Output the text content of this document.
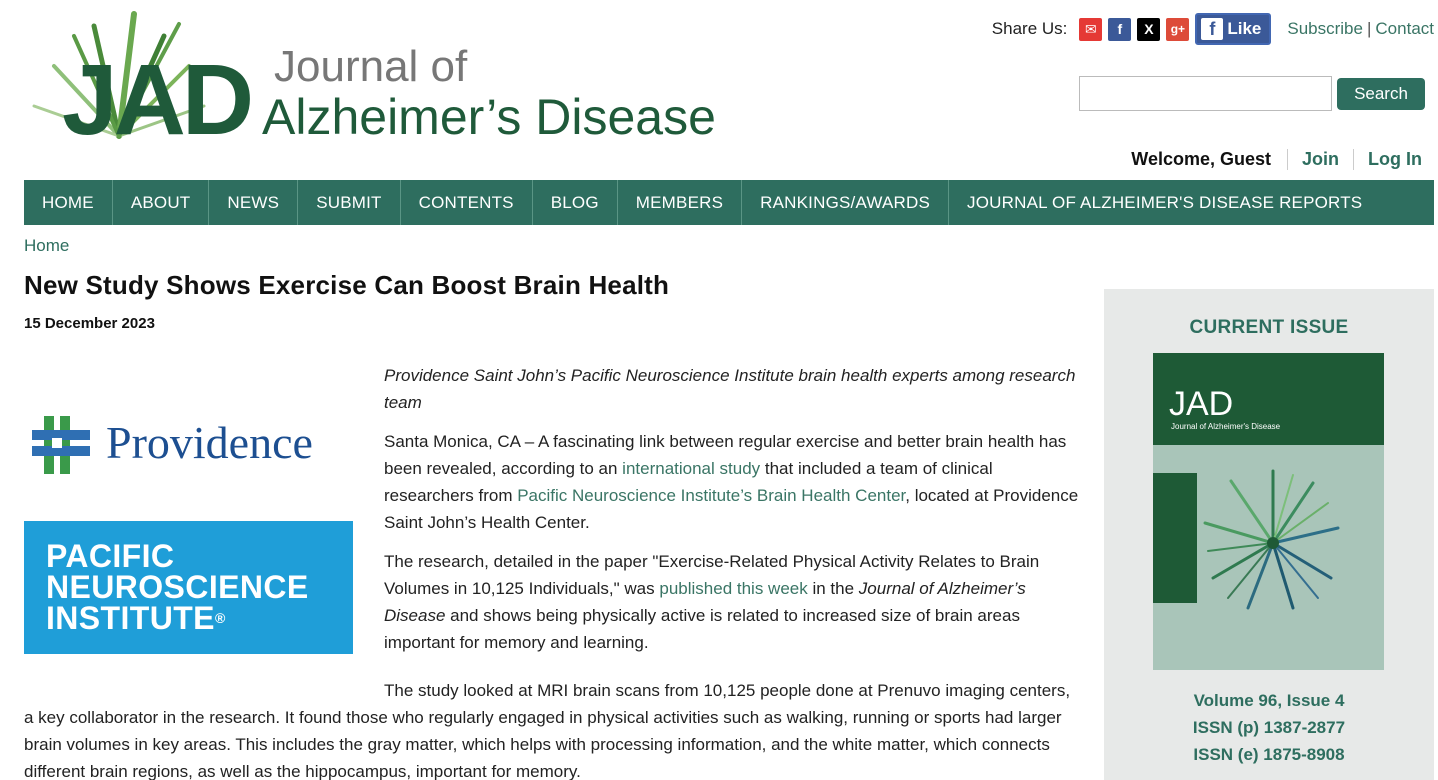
JAD Journal of
Alzheimer’s Disease
Share Us:	✉	f	X	g+	f Like Subscribe | Contact
Search
Welcome, Guest	Join	Log In
HOME	ABOUT	NEWS	SUBMIT	CONTENTS	BLOG	MEMBERS	RANKINGS/AWARDS	JOURNAL OF ALZHEIMER'S DISEASE REPORTS
Home
New Study Shows Exercise Can Boost Brain Health
15 December 2023
Providence
PACIFIC
NEUROSCIENCE
INSTITUTE®

Providence Saint John’s Pacific Neuroscience Institute brain health experts among research team

Santa Monica, CA – A fascinating link between regular exercise and better brain health has been revealed, according to an international study that included a team of clinical researchers from Pacific Neuroscience Institute’s Brain Health Center, located at Providence Saint John’s Health Center.

The research, detailed in the paper "Exercise-Related Physical Activity Relates to Brain Volumes in 10,125 Individuals," was published this week in the Journal of Alzheimer’s Disease and shows being physically active is related to increased size of brain areas important for memory and learning.

The study looked at MRI brain scans from 10,125 people done at Prenuvo imaging centers, a key collaborator in the research. It found those who regularly engaged in physical activities such as walking, running or sports had larger brain volumes in key areas. This includes the gray matter, which helps with processing information, and the white matter, which connects different brain regions, as well as the hippocampus, important for memory.

CURRENT ISSUE
JAD
Journal of Alzheimer's Disease
Volume 96, Issue 4
ISSN (p) 1387-2877
ISSN (e) 1875-8908
